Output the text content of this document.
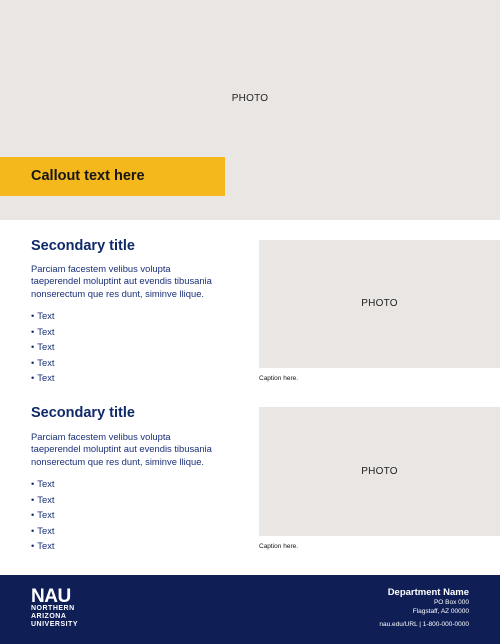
PHOTO
Callout text here
Secondary title
Parciam facestem velibus volupta
taeperendel moluptint aut evendis tibusania
nonserectum que res dunt, siminve llique.
• Text
• Text
• Text
• Text
• Text
PHOTO
Caption here.
Secondary title
Parciam facestem velibus volupta
taeperendel moluptint aut evendis tibusania
nonserectum que res dunt, siminve llique.
• Text
• Text
• Text
• Text
• Text
PHOTO
Caption here.
NAU
NORTHERN
ARIZONA
UNIVERSITY
Department Name
PO Box 000
Flagstaff, AZ 00000
nau.edu/URL | 1-800-000-0000
